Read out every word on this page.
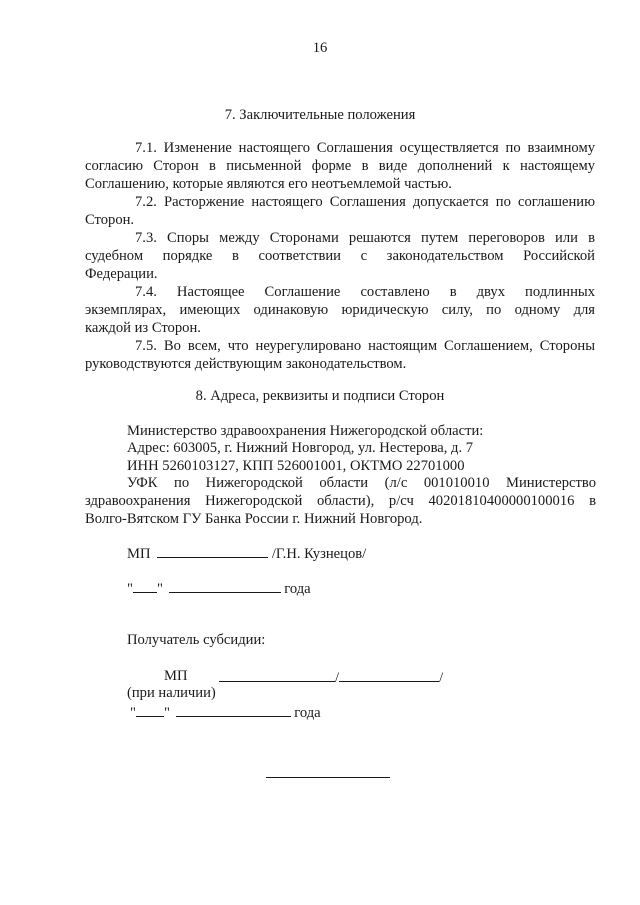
16
7. Заключительные положения
7.1. Изменение настоящего Соглашения осуществляется по взаимному
согласию Сторон в письменной форме в виде дополнений к настоящему
Соглашению, которые являются его неотъемлемой частью.
7.2. Расторжение настоящего Соглашения допускается по соглашению
Сторон.
7.3. Споры между Сторонами решаются путем переговоров или в
судебном порядке в соответствии с законодательством Российской
Федерации.
7.4. Настоящее Соглашение составлено в двух подлинных
экземплярах, имеющих одинаковую юридическую силу, по одному для
каждой из Сторон.
7.5. Во всем, что неурегулировано настоящим Соглашением, Стороны
руководствуются действующим законодательством.
8. Адреса, реквизиты и подписи Сторон
Министерство здравоохранения Нижегородской области:
Адрес: 603005, г. Нижний Новгород, ул. Нестерова, д. 7
ИНН 5260103127, КПП 526001001, ОКТМО 22701000
УФК по Нижегородской области (л/с 001010010 Министерство
здравоохранения Нижегородской области), р/сч 40201810400000100016 в
Волго-Вятском ГУ Банка России г. Нижний Новгород.
МП	/Г.Н. Кузнецов/
" "	года
Получатель субсидии:
МП	/	/
(при наличии)
" "	года
